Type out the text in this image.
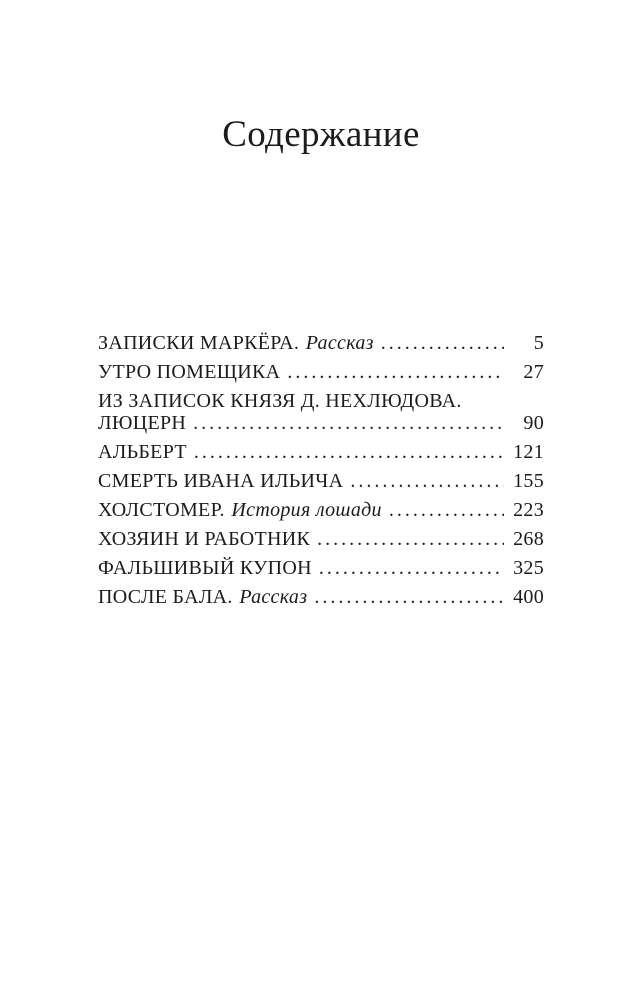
Содержание
ЗАПИСКИ МАРКЁРА. Рассказ .....	5
УТРО ПОМЕЩИКА .....	27
ИЗ ЗАПИСОК КНЯЗЯ Д. НЕХЛЮДОВА.
ЛЮЦЕРН .....	90
АЛЬБЕРТ .....	121
СМЕРТЬ ИВАНА ИЛЬИЧА .....	155
ХОЛСТОМЕР. История лошади .....	223
ХОЗЯИН И РАБОТНИК .....	268
ФАЛЬШИВЫЙ КУПОН .....	325
ПОСЛЕ БАЛА. Рассказ .....	400
